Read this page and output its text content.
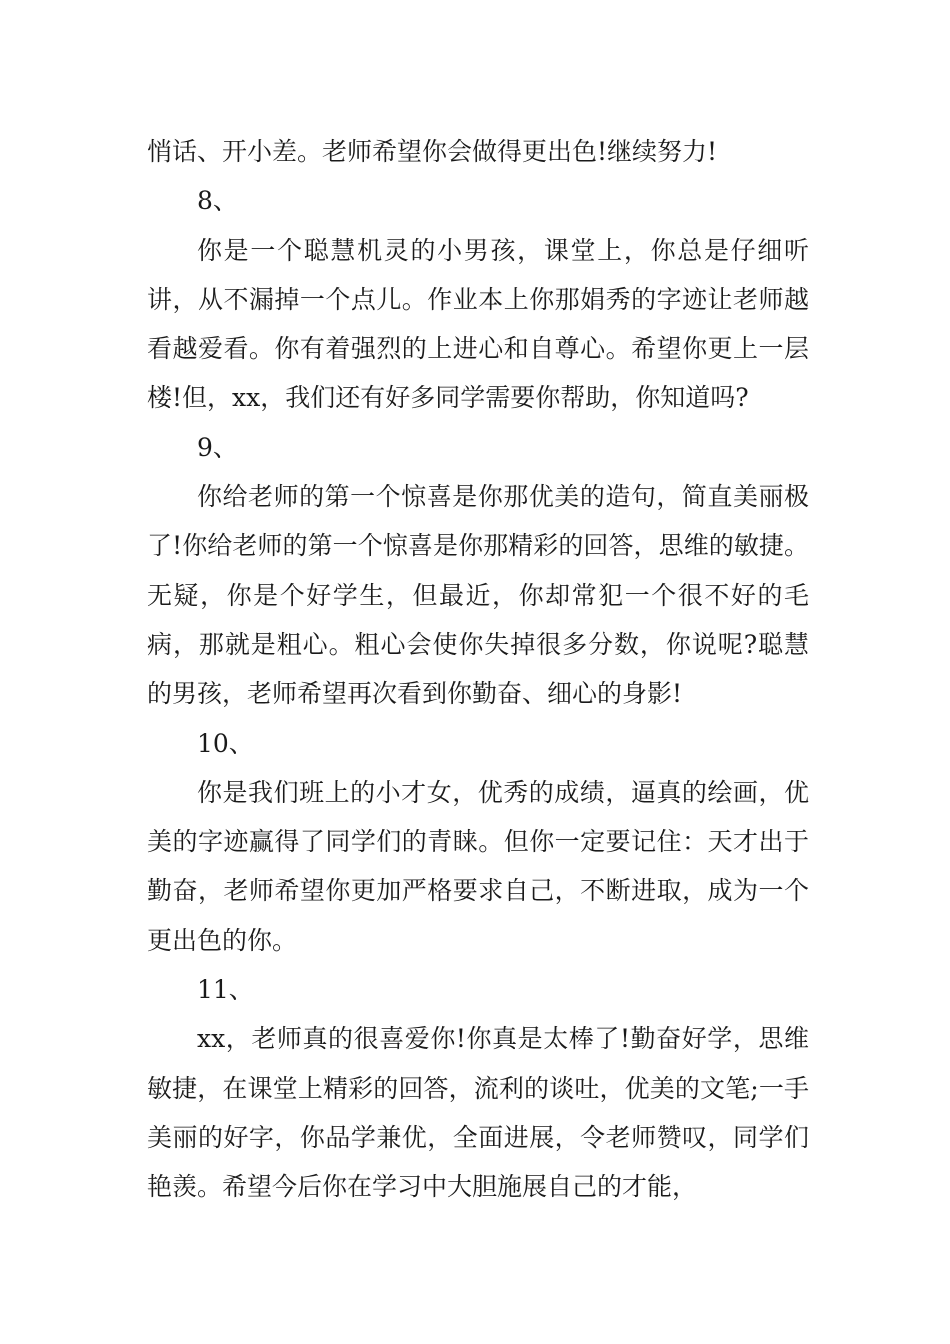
悄话、开小差。老师希望你会做得更出色!继续努力!

8、

你是一个聪慧机灵的小男孩，课堂上，你总是仔细听讲，从不漏掉一个点儿。作业本上你那娟秀的字迹让老师越看越爱看。你有着强烈的上进心和自尊心。希望你更上一层楼!但，xx，我们还有好多同学需要你帮助，你知道吗?

9、

你给老师的第一个惊喜是你那优美的造句，简直美丽极了!你给老师的第一个惊喜是你那精彩的回答，思维的敏捷。无疑，你是个好学生，但最近，你却常犯一个很不好的毛病，那就是粗心。粗心会使你失掉很多分数，你说呢?聪慧的男孩，老师希望再次看到你勤奋、细心的身影!

10、

你是我们班上的小才女，优秀的成绩，逼真的绘画，优美的字迹赢得了同学们的青睐。但你一定要记住：天才出于勤奋，老师希望你更加严格要求自己，不断进取，成为一个更出色的你。

11、

xx，老师真的很喜爱你!你真是太棒了!勤奋好学，思维敏捷，在课堂上精彩的回答，流利的谈吐，优美的文笔;一手美丽的好字，你品学兼优，全面进展，令老师赞叹，同学们艳羡。希望今后你在学习中大胆施展自己的才能，
